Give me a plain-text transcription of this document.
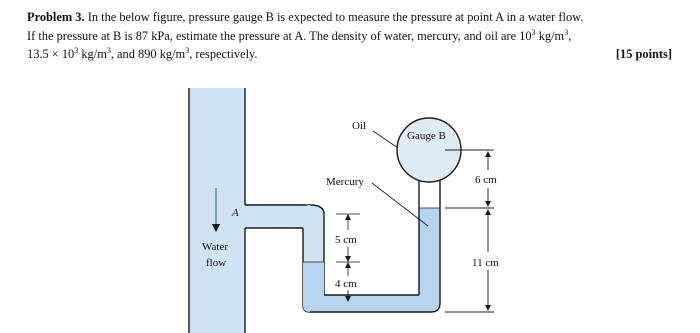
Problem 3. In the below figure, pressure gauge B is expected to measure the pressure at point A in a water flow.

If the pressure at B is 87 kPa, estimate the pressure at A. The density of water, mercury, and oil are $10^3$ $kg/m^3$,

$13.5 \times 10^3$ $kg/m^3$, and 890 $kg/m^3$, respectively.	[15 points]
Oil
Gauge B
Mercury
A
Water
flow
6 cm
5 cm
4 cm
11 cm
